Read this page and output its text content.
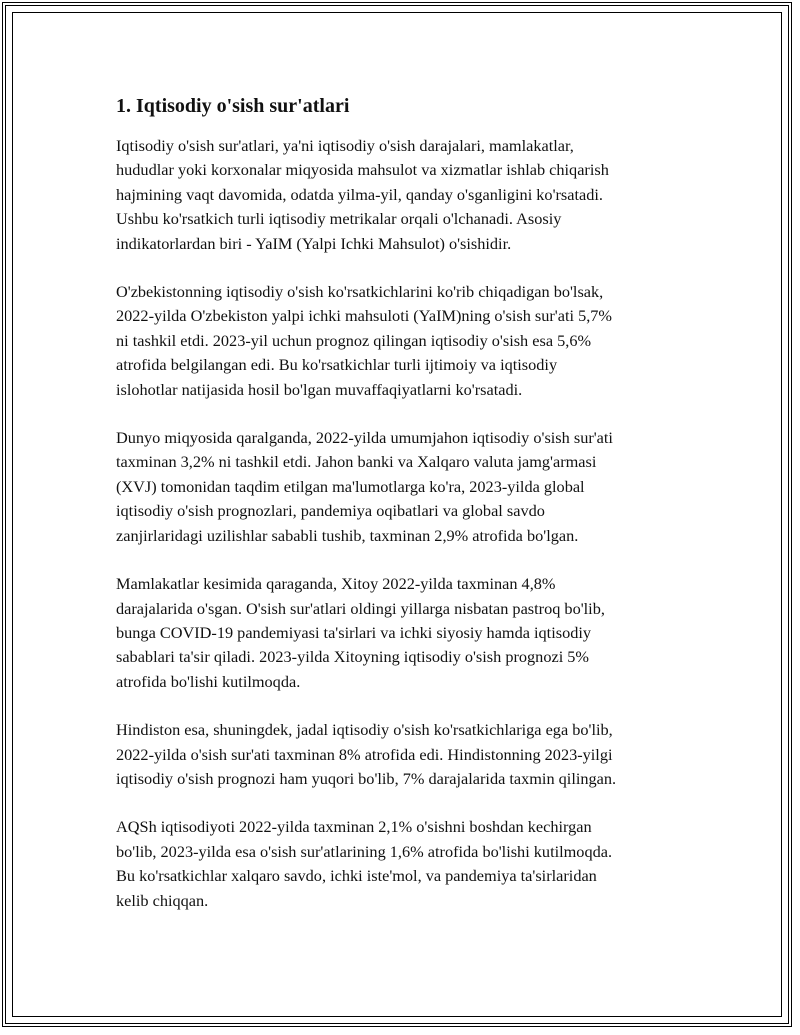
1. Iqtisodiy o'sish sur'atlari

Iqtisodiy o'sish sur'atlari, ya'ni iqtisodiy o'sish darajalari, mamlakatlar,
hududlar yoki korxonalar miqyosida mahsulot va xizmatlar ishlab chiqarish
hajmining vaqt davomida, odatda yilma-yil, qanday o'sganligini ko'rsatadi.
Ushbu ko'rsatkich turli iqtisodiy metrikalar orqali o'lchanadi. Asosiy
indikatorlardan biri - YaIM (Yalpi Ichki Mahsulot) o'sishidir.

O'zbekistonning iqtisodiy o'sish ko'rsatkichlarini ko'rib chiqadigan bo'lsak,
2022-yilda O'zbekiston yalpi ichki mahsuloti (YaIM)ning o'sish sur'ati 5,7%
ni tashkil etdi. 2023-yil uchun prognoz qilingan iqtisodiy o'sish esa 5,6%
atrofida belgilangan edi. Bu ko'rsatkichlar turli ijtimoiy va iqtisodiy
islohotlar natijasida hosil bo'lgan muvaffaqiyatlarni ko'rsatadi.

Dunyo miqyosida qaralganda, 2022-yilda umumjahon iqtisodiy o'sish sur'ati
taxminan 3,2% ni tashkil etdi. Jahon banki va Xalqaro valuta jamg'armasi
(XVJ) tomonidan taqdim etilgan ma'lumotlarga ko'ra, 2023-yilda global
iqtisodiy o'sish prognozlari, pandemiya oqibatlari va global savdo
zanjirlaridagi uzilishlar sababli tushib, taxminan 2,9% atrofida bo'lgan.

Mamlakatlar kesimida qaraganda, Xitoy 2022-yilda taxminan 4,8%
darajalarida o'sgan. O'sish sur'atlari oldingi yillarga nisbatan pastroq bo'lib,
bunga COVID-19 pandemiyasi ta'sirlari va ichki siyosiy hamda iqtisodiy
sabablari ta'sir qiladi. 2023-yilda Xitoyning iqtisodiy o'sish prognozi 5%
atrofida bo'lishi kutilmoqda.

Hindiston esa, shuningdek, jadal iqtisodiy o'sish ko'rsatkichlariga ega bo'lib,
2022-yilda o'sish sur'ati taxminan 8% atrofida edi. Hindistonning 2023-yilgi
iqtisodiy o'sish prognozi ham yuqori bo'lib, 7% darajalarida taxmin qilingan.

AQSh iqtisodiyoti 2022-yilda taxminan 2,1% o'sishni boshdan kechirgan
bo'lib, 2023-yilda esa o'sish sur'atlarining 1,6% atrofida bo'lishi kutilmoqda.
Bu ko'rsatkichlar xalqaro savdo, ichki iste'mol, va pandemiya ta'sirlaridan
kelib chiqqan.
